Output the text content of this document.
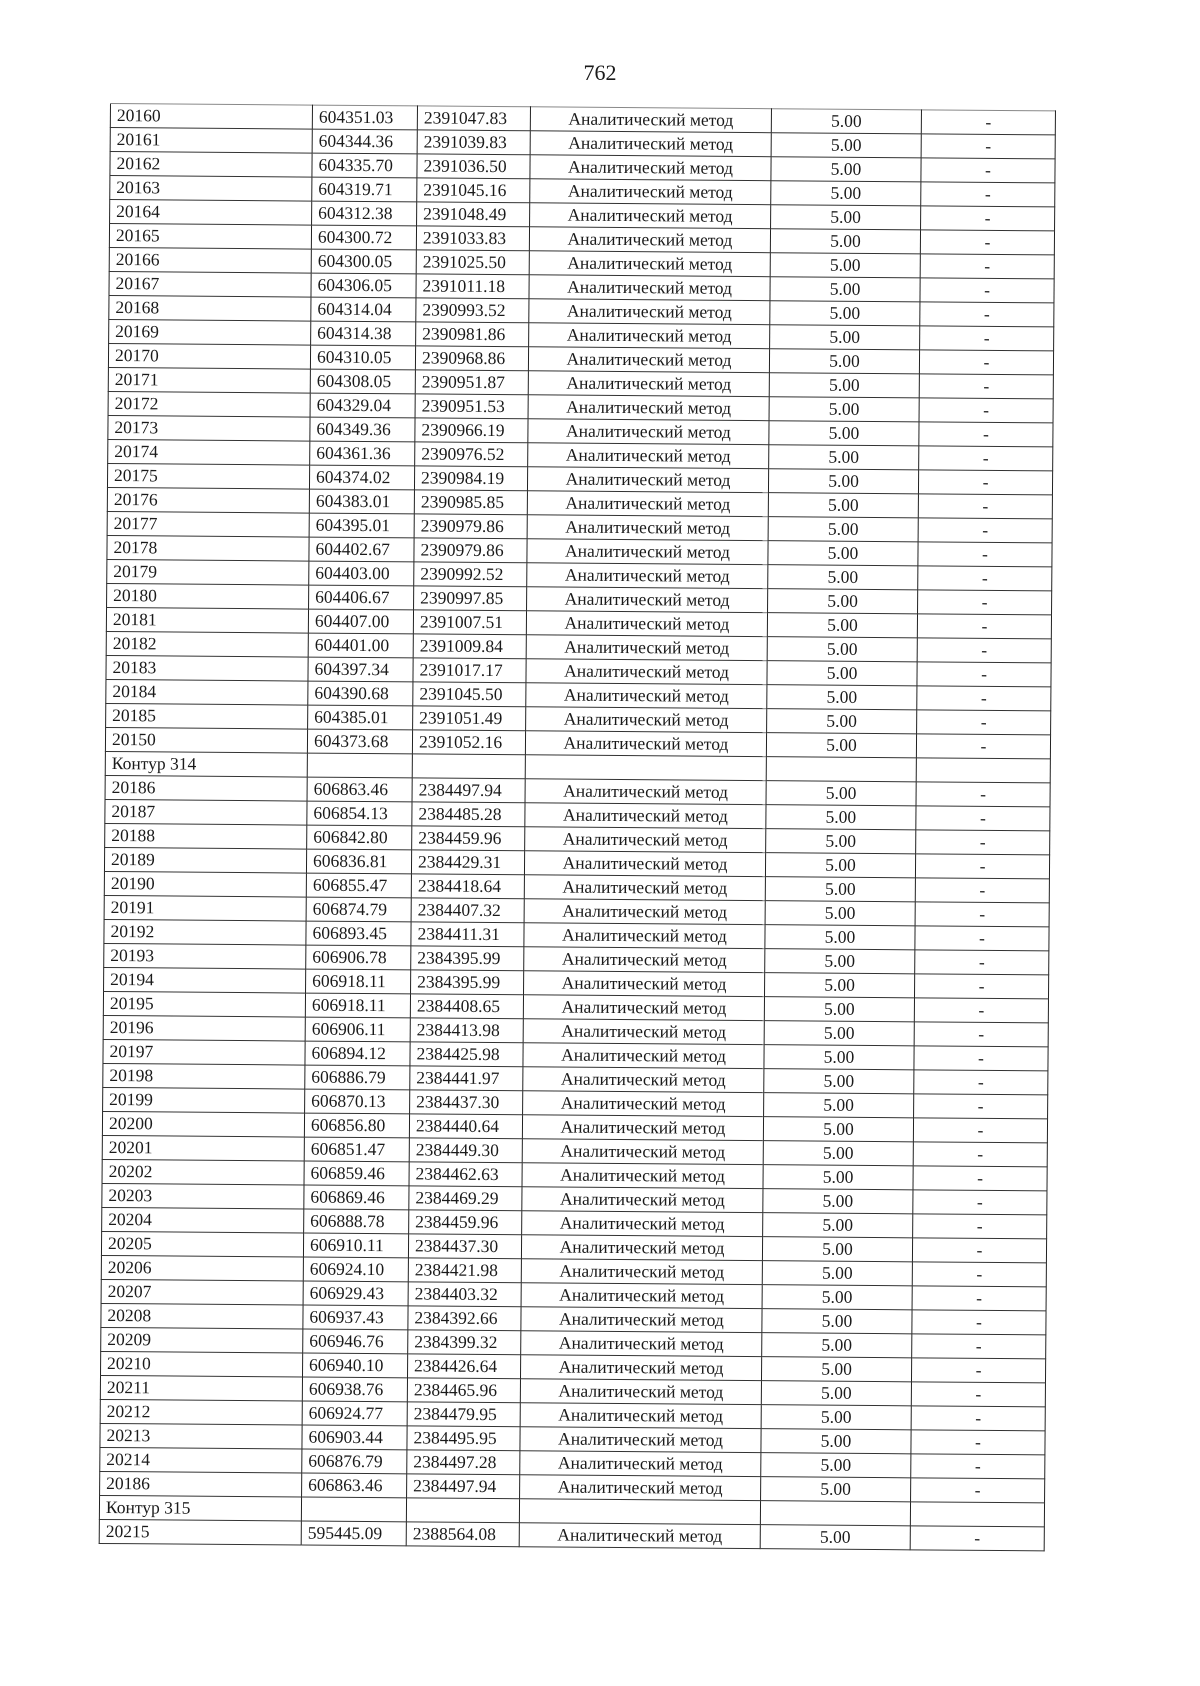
762
20160	604351.03	2391047.83	Аналитический метод	5.00	-
20161	604344.36	2391039.83	Аналитический метод	5.00	-
20162	604335.70	2391036.50	Аналитический метод	5.00	-
20163	604319.71	2391045.16	Аналитический метод	5.00	-
20164	604312.38	2391048.49	Аналитический метод	5.00	-
20165	604300.72	2391033.83	Аналитический метод	5.00	-
20166	604300.05	2391025.50	Аналитический метод	5.00	-
20167	604306.05	2391011.18	Аналитический метод	5.00	-
20168	604314.04	2390993.52	Аналитический метод	5.00	-
20169	604314.38	2390981.86	Аналитический метод	5.00	-
20170	604310.05	2390968.86	Аналитический метод	5.00	-
20171	604308.05	2390951.87	Аналитический метод	5.00	-
20172	604329.04	2390951.53	Аналитический метод	5.00	-
20173	604349.36	2390966.19	Аналитический метод	5.00	-
20174	604361.36	2390976.52	Аналитический метод	5.00	-
20175	604374.02	2390984.19	Аналитический метод	5.00	-
20176	604383.01	2390985.85	Аналитический метод	5.00	-
20177	604395.01	2390979.86	Аналитический метод	5.00	-
20178	604402.67	2390979.86	Аналитический метод	5.00	-
20179	604403.00	2390992.52	Аналитический метод	5.00	-
20180	604406.67	2390997.85	Аналитический метод	5.00	-
20181	604407.00	2391007.51	Аналитический метод	5.00	-
20182	604401.00	2391009.84	Аналитический метод	5.00	-
20183	604397.34	2391017.17	Аналитический метод	5.00	-
20184	604390.68	2391045.50	Аналитический метод	5.00	-
20185	604385.01	2391051.49	Аналитический метод	5.00	-
20150	604373.68	2391052.16	Аналитический метод	5.00	-
Контур 314					
20186	606863.46	2384497.94	Аналитический метод	5.00	-
20187	606854.13	2384485.28	Аналитический метод	5.00	-
20188	606842.80	2384459.96	Аналитический метод	5.00	-
20189	606836.81	2384429.31	Аналитический метод	5.00	-
20190	606855.47	2384418.64	Аналитический метод	5.00	-
20191	606874.79	2384407.32	Аналитический метод	5.00	-
20192	606893.45	2384411.31	Аналитический метод	5.00	-
20193	606906.78	2384395.99	Аналитический метод	5.00	-
20194	606918.11	2384395.99	Аналитический метод	5.00	-
20195	606918.11	2384408.65	Аналитический метод	5.00	-
20196	606906.11	2384413.98	Аналитический метод	5.00	-
20197	606894.12	2384425.98	Аналитический метод	5.00	-
20198	606886.79	2384441.97	Аналитический метод	5.00	-
20199	606870.13	2384437.30	Аналитический метод	5.00	-
20200	606856.80	2384440.64	Аналитический метод	5.00	-
20201	606851.47	2384449.30	Аналитический метод	5.00	-
20202	606859.46	2384462.63	Аналитический метод	5.00	-
20203	606869.46	2384469.29	Аналитический метод	5.00	-
20204	606888.78	2384459.96	Аналитический метод	5.00	-
20205	606910.11	2384437.30	Аналитический метод	5.00	-
20206	606924.10	2384421.98	Аналитический метод	5.00	-
20207	606929.43	2384403.32	Аналитический метод	5.00	-
20208	606937.43	2384392.66	Аналитический метод	5.00	-
20209	606946.76	2384399.32	Аналитический метод	5.00	-
20210	606940.10	2384426.64	Аналитический метод	5.00	-
20211	606938.76	2384465.96	Аналитический метод	5.00	-
20212	606924.77	2384479.95	Аналитический метод	5.00	-
20213	606903.44	2384495.95	Аналитический метод	5.00	-
20214	606876.79	2384497.28	Аналитический метод	5.00	-
20186	606863.46	2384497.94	Аналитический метод	5.00	-
Контур 315					
20215	595445.09	2388564.08	Аналитический метод	5.00	-
